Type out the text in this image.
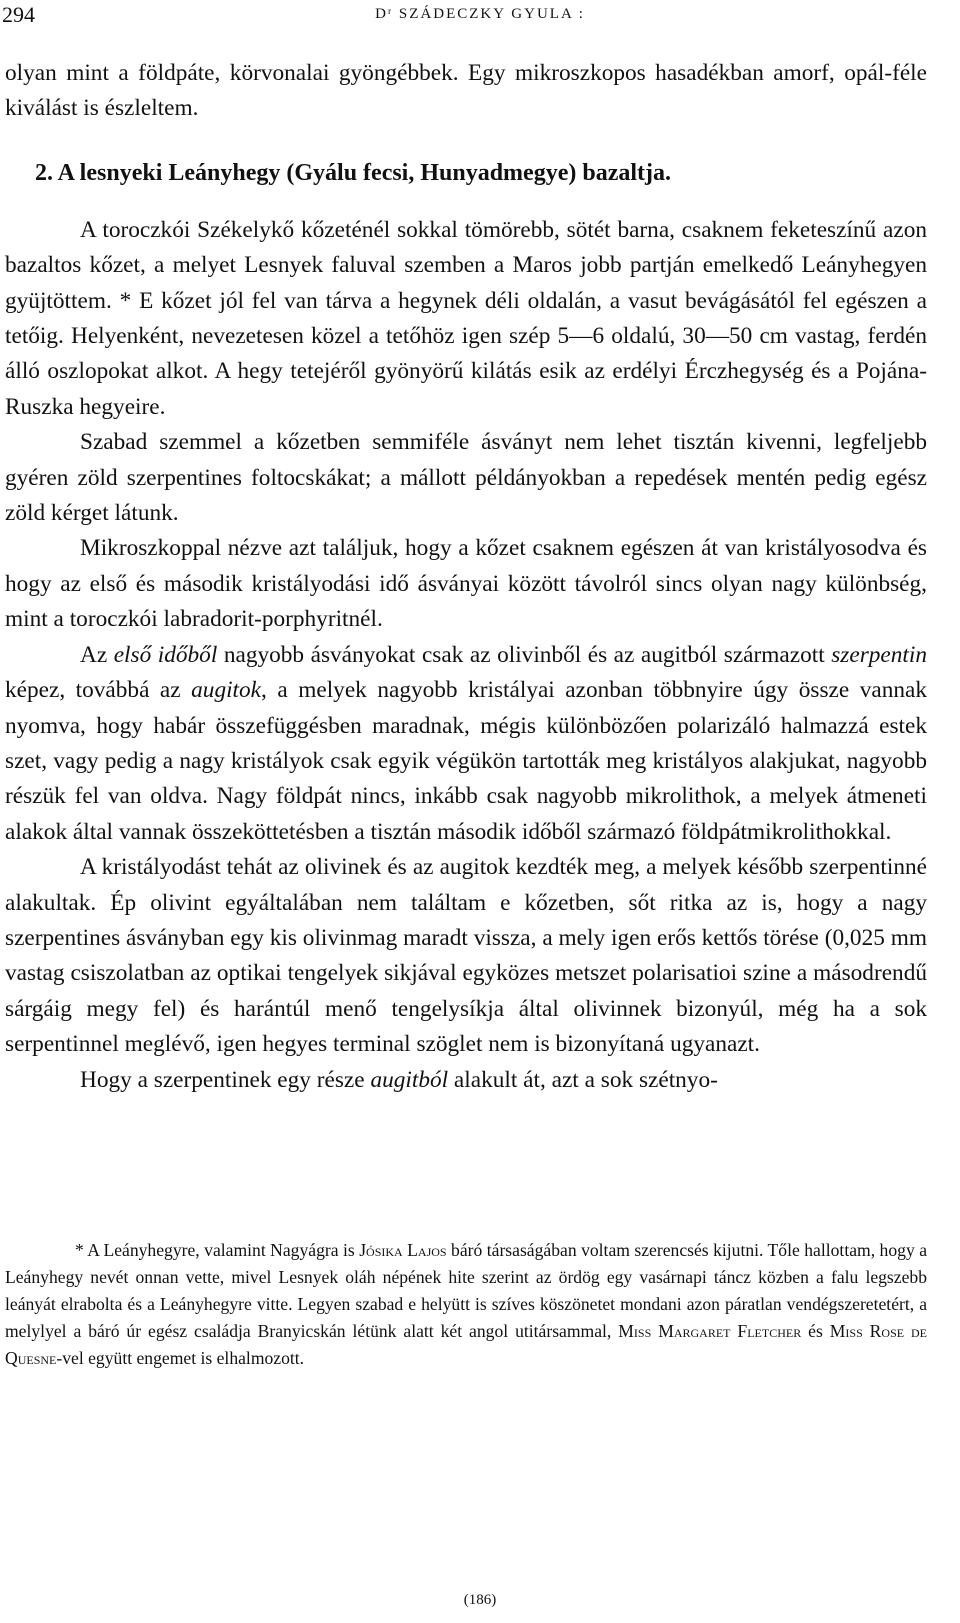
294	Dʳ SZÁDECZKY GYULA :

olyan mint a földpáte, körvonalai gyöngébbek. Egy mikroszkopos hasadékban amorf, opál-féle kiválást is észleltem.

2. A lesnyeki Leányhegy (Gyálu fecsi, Hunyadmegye) bazaltja.

A toroczkói Székelykő kőzeténél sokkal tömörebb, sötét barna, csaknem feketeszínű azon bazaltos kőzet, a melyet Lesnyek faluval szemben a Maros jobb partján emelkedő Leányhegyen gyüjtöttem. * E kőzet jól fel van tárva a hegynek déli oldalán, a vasut bevágásától fel egészen a tetőig. Helyenként, nevezetesen közel a tetőhöz igen szép 5—6 oldalú, 30—50 cm vastag, ferdén álló oszlopokat alkot. A hegy tetejéről gyönyörű kilátás esik az erdélyi Érczhegység és a Pojána-Ruszka hegyeire.

Szabad szemmel a kőzetben semmiféle ásványt nem lehet tisztán kivenni, legfeljebb gyéren zöld szerpentines foltocskákat; a mállott példányokban a repedések mentén pedig egész zöld kérget látunk.

Mikroszkoppal nézve azt találjuk, hogy a kőzet csaknem egészen át van kristályosodva és hogy az első és második kristályodási idő ásványai között távolról sincs olyan nagy különbség, mint a toroczkói labradorit-porphyritnél.

Az első időből nagyobb ásványokat csak az olivinből és az augitból származott szerpentin képez, továbbá az augitok, a melyek nagyobb kristályai azonban többnyire úgy össze vannak nyomva, hogy habár összefüggésben maradnak, mégis különbözően polarizáló halmazzá estek szet, vagy pedig a nagy kristályok csak egyik végükön tartották meg kristályos alakjukat, nagyobb részük fel van oldva. Nagy földpát nincs, inkább csak nagyobb mikrolithok, a melyek átmeneti alakok által vannak összeköttetésben a tisztán második időből származó földpátmikrolithokkal.

A kristályodást tehát az olivinek és az augitok kezdték meg, a melyek később szerpentinné alakultak. Ép olivint egyáltalában nem találtam e kőzetben, sőt ritka az is, hogy a nagy szerpentines ásványban egy kis olivinmag maradt vissza, a mely igen erős kettős törése (0,025 mm vastag csiszolatban az optikai tengelyek sikjával egyközes metszet polarisatioi szine a másodrendű sárgáig megy fel) és harántúl menő tengelysíkja által olivinnek bizonyúl, még ha a sok serpentinnel meglévő, igen hegyes terminal szöglet nem is bizonyítaná ugyanazt.

Hogy a szerpentinek egy része augitból alakult át, azt a sok szétnyo-

* A Leányhegyre, valamint Nagyágra is Jósika Lajos báró társaságában voltam szerencsés kijutni. Tőle hallottam, hogy a Leányhegy nevét onnan vette, mivel Lesnyek oláh népének hite szerint az ördög egy vasárnapi táncz közben a falu legszebb leányát elrabolta és a Leányhegyre vitte. Legyen szabad e helyütt is szíves köszönetet mondani azon páratlan vendégszeretetért, a melylyel a báró úr egész családja Branyicskán létünk alatt két angol utitársammal, Miss Margaret Fletcher és Miss Rose de Quesne-vel együtt engemet is elhalmozott.

(186)
